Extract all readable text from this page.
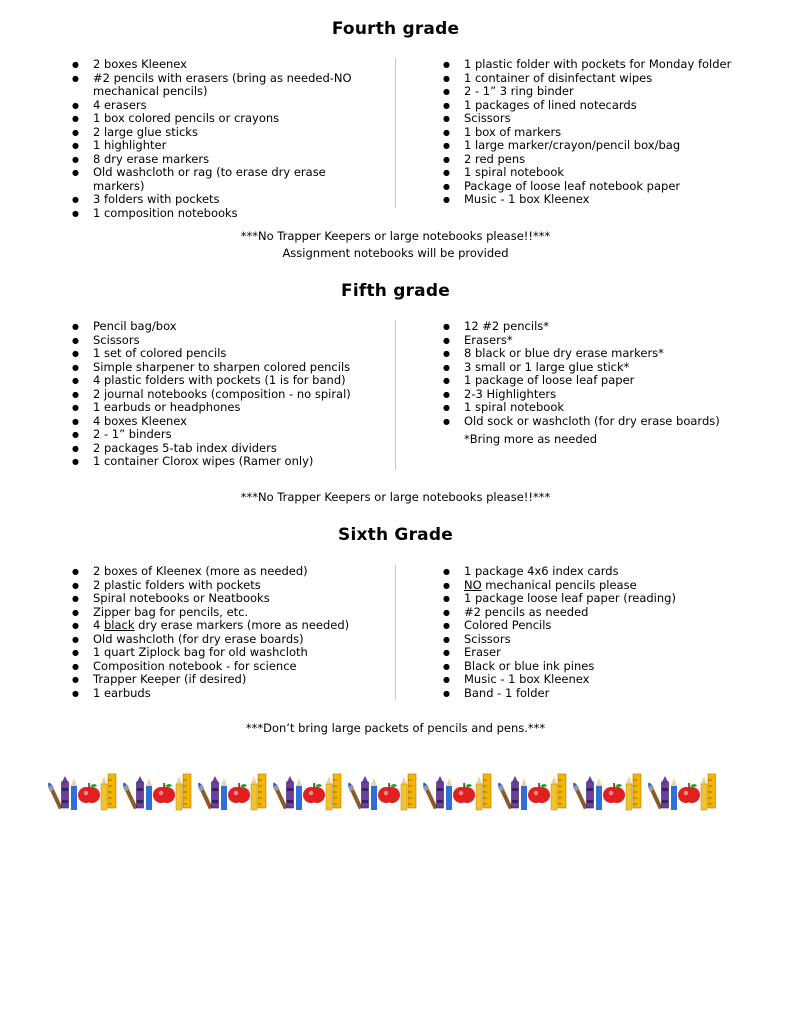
Fourth grade
● 2 boxes Kleenex
● #2 pencils with erasers (bring as needed-NO mechanical pencils)
● 4 erasers
● 1 box colored pencils or crayons
● 2 large glue sticks
● 1 highlighter
● 8 dry erase markers
● Old washcloth or rag (to erase dry erase markers)
● 3 folders with pockets
● 1 composition notebooks
● 1 plastic folder with pockets for Monday folder
● 1 container of disinfectant wipes
● 2 - 1” 3 ring binder
● 1 packages of lined notecards
● Scissors
● 1 box of markers
● 1 large marker/crayon/pencil box/bag
● 2 red pens
● 1 spiral notebook
● Package of loose leaf notebook paper
● Music - 1 box Kleenex
***No Trapper Keepers or large notebooks please!!***
Assignment notebooks will be provided
Fifth grade
● Pencil bag/box
● Scissors
● 1 set of colored pencils
● Simple sharpener to sharpen colored pencils
● 4 plastic folders with pockets (1 is for band)
● 2 journal notebooks (composition - no spiral)
● 1 earbuds or headphones
● 4 boxes Kleenex
● 2 - 1” binders
● 2 packages 5-tab index dividers
● 1 container Clorox wipes (Ramer only)
● 12 #2 pencils*
● Erasers*
● 8 black or blue dry erase markers*
● 3 small or 1 large glue stick*
● 1 package of loose leaf paper
● 2-3 Highlighters
● 1 spiral notebook
● Old sock or washcloth (for dry erase boards)
*Bring more as needed
***No Trapper Keepers or large notebooks please!!***
Sixth Grade
● 2 boxes of Kleenex (more as needed)
● 2 plastic folders with pockets
● Spiral notebooks or Neatbooks
● Zipper bag for pencils, etc.
● 4 black dry erase markers (more as needed)
● Old washcloth (for dry erase boards)
● 1 quart Ziplock bag for old washcloth
● Composition notebook - for science
● Trapper Keeper (if desired)
● 1 earbuds
● 1 package 4x6 index cards
● NO mechanical pencils please
● 1 package loose leaf paper (reading)
● #2 pencils as needed
● Colored Pencils
● Scissors
● Eraser
● Black or blue ink pines
● Music - 1 box Kleenex
● Band - 1 folder
***Don’t bring large packets of pencils and pens.***
